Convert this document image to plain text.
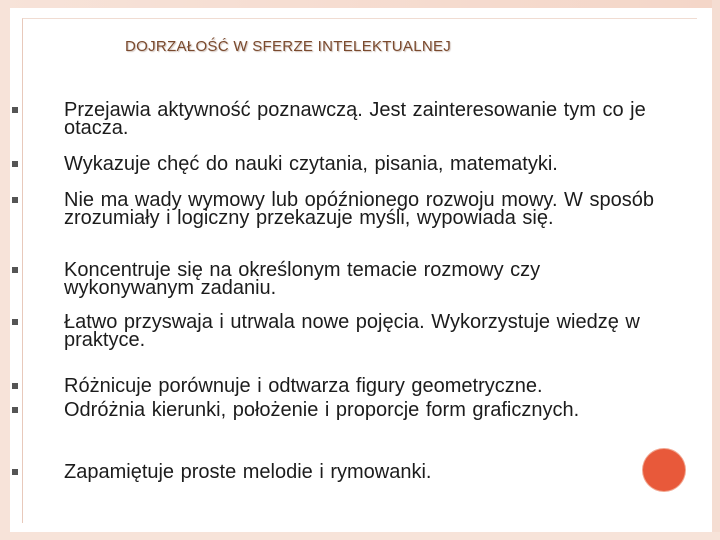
DOJRZAŁOŚĆ W SFERZE INTELEKTUALNEJ
Przejawia aktywność poznawczą. Jest zainteresowanie tym co je otacza.
Wykazuje chęć do nauki czytania, pisania, matematyki.
Nie ma wady wymowy lub opóźnionego rozwoju mowy. W sposób zrozumiały i logiczny przekazuje myśli, wypowiada się.
Koncentruje się na określonym temacie rozmowy czy wykonywanym zadaniu.
Łatwo przyswaja i utrwala nowe pojęcia. Wykorzystuje wiedzę w praktyce.
Różnicuje porównuje i odtwarza figury geometryczne.
Odróżnia kierunki, położenie i proporcje form graficznych.
Zapamiętuje proste melodie i rymowanki.
